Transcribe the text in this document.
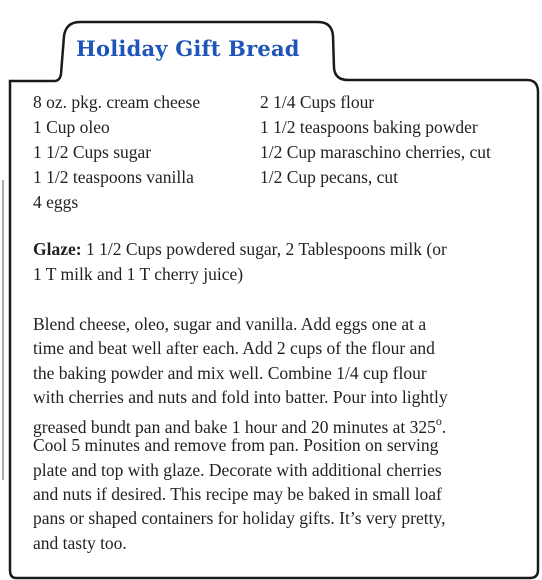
Holiday Gift Bread
8 oz. pkg. cream cheese
1 Cup oleo
1 1/2 Cups sugar
1 1/2 teaspoons vanilla
4 eggs
2 1/4 Cups flour
1 1/2 teaspoons baking powder
1/2 Cup maraschino cherries, cut
1/2 Cup pecans, cut
Glaze: 1 1/2 Cups powdered sugar, 2 Tablespoons milk (or
1 T milk and 1 T cherry juice)
Blend cheese, oleo, sugar and vanilla. Add eggs one at a
time and beat well after each. Add 2 cups of the flour and
the baking powder and mix well. Combine 1/4 cup flour
with cherries and nuts and fold into batter. Pour into lightly
greased bundt pan and bake 1 hour and 20 minutes at 325$^o$.
Cool 5 minutes and remove from pan. Position on serving
plate and top with glaze. Decorate with additional cherries
and nuts if desired. This recipe may be baked in small loaf
pans or shaped containers for holiday gifts. It’s very pretty,
and tasty too.
